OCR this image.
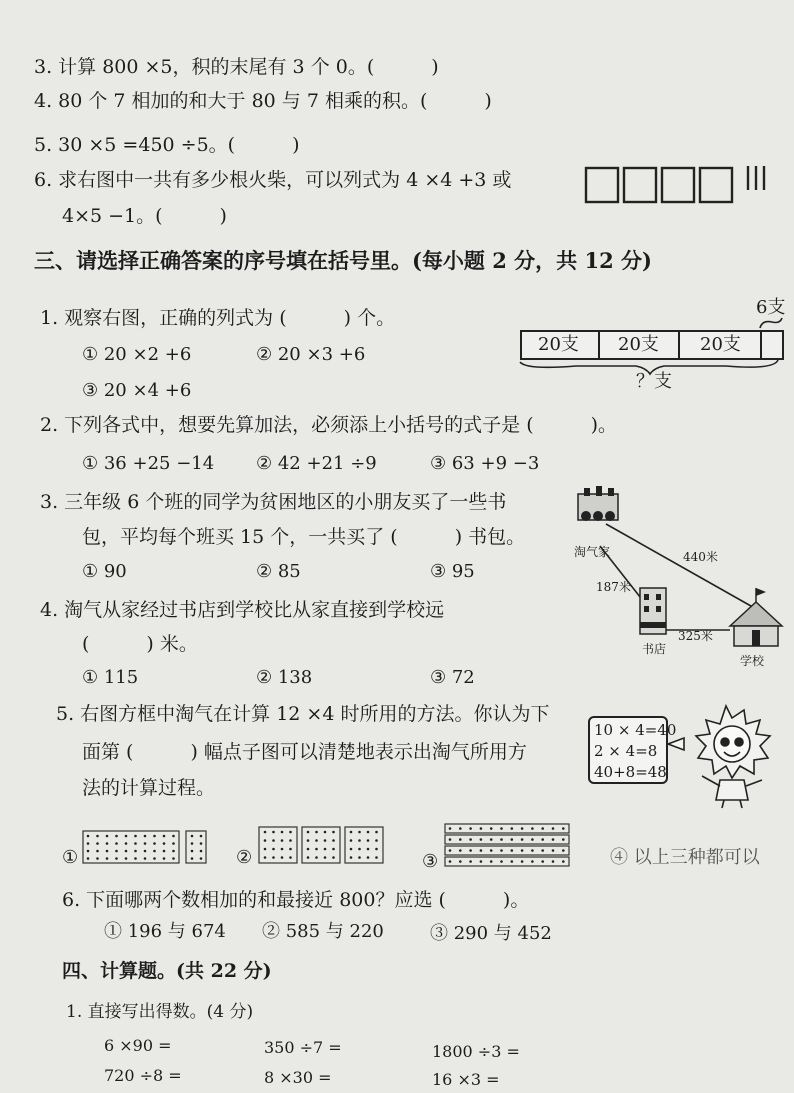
3. 计算 800 ×5，积的末尾有 3 个 0。(　　　)
4. 80 个 7 相加的和大于 80 与 7 相乘的积。(　　　)
5. 30 ×5 =450 ÷5。(　　　)
6. 求右图中一共有多少根火柴，可以列式为 4 ×4 +3 或
4×5 −1。(　　　)
三、请选择正确答案的序号填在括号里。(每小题 2 分，共 12 分)
1. 观察右图，正确的列式为 (　　　) 个。
① 20 ×2 +6	② 20 ×3 +6
③ 20 ×4 +6
20支 20支 20支
6支
？支
2. 下列各式中，想要先算加法，必须添上小括号的式子是 (　　　)。
① 36 +25 −14 ② 42 +21 ÷9	③ 63 +9 −3
3. 三年级 6 个班的同学为贫困地区的小朋友买了一些书
包，平均每个班买 15 个，一共买了 (　　　) 书包。
① 90	② 85	③ 95
4. 淘气从家经过书店到学校比从家直接到学校远
(　　　) 米。
① 115	② 138	③ 72
淘气家	440米
187米
325米
书店
学校
5. 右图方框中淘气在计算 12 ×4 时所用的方法。你认为下
面第 (　　　) 幅点子图可以清楚地表示出淘气所用方
法的计算过程。
10 × 4=40
2 × 4=8
40+8=48
①	②	③	④ 以上三种都可以
6. 下面哪两个数相加的和最接近 800？应选 (　　　)。
① 196 与 674 ② 585 与 220	③ 290 与 452
四、计算题。(共 22 分)
1. 直接写出得数。(4 分)
6 ×90 =	350 ÷7 =	1800 ÷3 =
720 ÷8 =	8 ×30 =	16 ×3 =
